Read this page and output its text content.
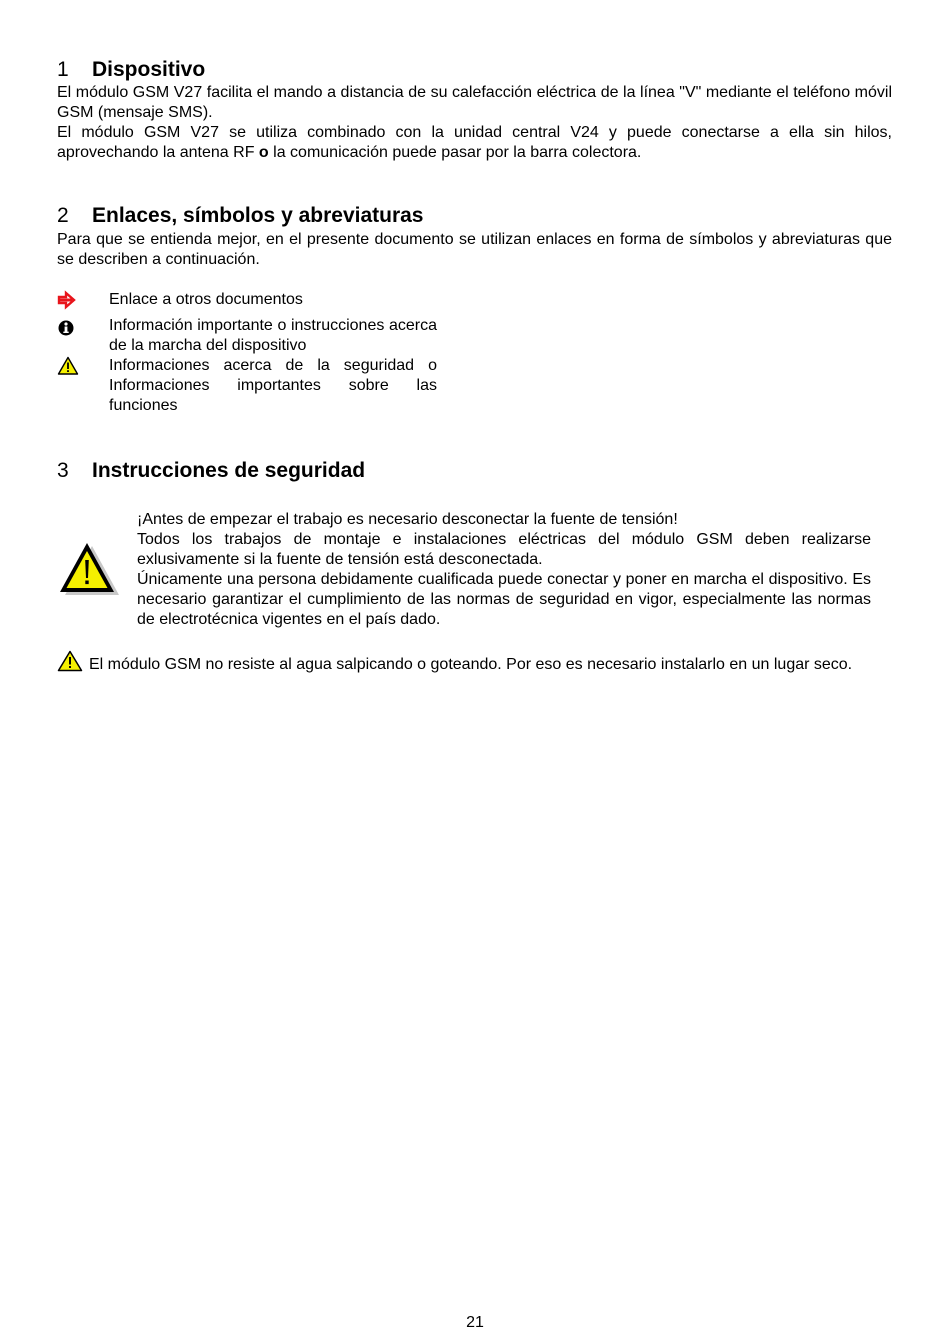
1	Dispositivo

El módulo GSM V27 facilita el mando a distancia de su calefacción eléctrica de la línea "V" mediante el teléfono móvil GSM (mensaje SMS).

El módulo GSM V27 se utiliza combinado con la unidad central V24 y puede conectarse a ella sin hilos, aprovechando la antena RF o la comunicación puede pasar por la barra colectora.

2	Enlaces, símbolos y abreviaturas

Para que se entienda mejor, en el presente documento se utilizan enlaces en forma de símbolos y abreviaturas que se describen a continuación.

Enlace a otros documentos
Información importante o instrucciones acerca de la marcha del dispositivo
Informaciones acerca de la seguridad o Informaciones importantes sobre las funciones
3	Instrucciones de seguridad

¡Antes de empezar el trabajo es necesario desconectar la fuente de tensión!

Todos los trabajos de montaje e instalaciones eléctricas del módulo GSM deben realizarse exlusivamente si la fuente de tensión está desconectada.

Únicamente una persona debidamente cualificada puede conectar y poner en marcha el dispositivo. Es necesario garantizar el cumplimiento de las normas de seguridad en vigor, especialmente las normas de electrotécnica vigentes en el país dado.

El módulo GSM no resiste al agua salpicando o goteando. Por eso es necesario instalarlo en un lugar seco.

21
